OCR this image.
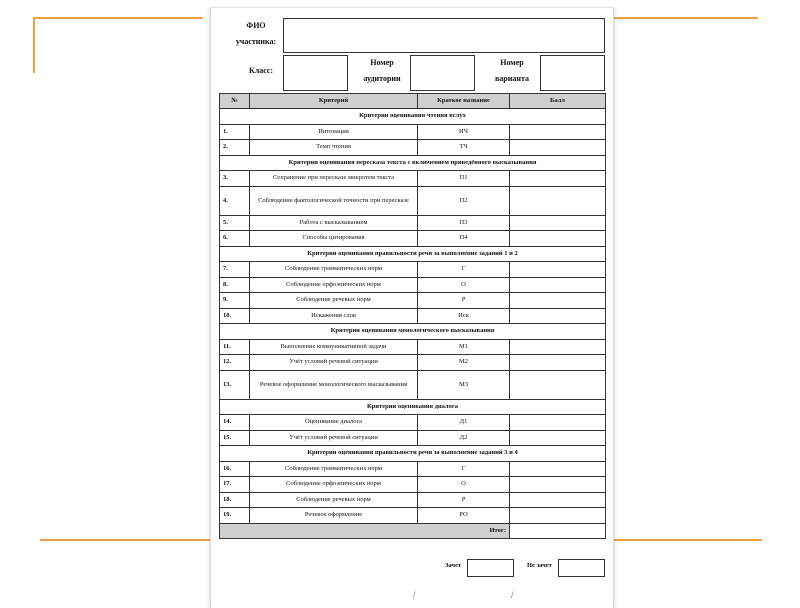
ФИО участника:
Класс:
Номер аудитории
Номер варианта
№	Критерий	Краткое название	Балл
Критерии оценивания чтения вслух			
1.	Интонация	ИЧ	
2.	Темп чтения	ТЧ	
Критерии оценивания пересказа текста с включением приведённого высказывания			
3.	Сохранение при пересказе микротем текста	П1	
4.	Соблюдение фактологической точности при пересказе	П2	
5.	Работа с высказыванием	П3	
6.	Способы цитирования	П4	
Критерии оценивания правильности речи за выполнение заданий 1 и 2			
7.	Соблюдение грамматических норм	Г	
8.	Соблюдение орфоэпических норм	О	
9.	Соблюдение речевых норм	Р	
10.	Искажения слов	Иск	
Критерии оценивания монологического высказывания			
11.	Выполнение коммуникативной задачи	М1	
12.	Учёт условий речевой ситуации	М2	
13.	Речевое оформление монологического высказывания	М3	
Критерии оценивания диалога			
14.	Оценивание диалога	Д1	
15.	Учёт условий речевой ситуации	Д2	
Критерии оценивания правильности речи за выполнение заданий 3 и 4			
16.	Соблюдение грамматических норм	Г	
17.	Соблюдение орфоэпических норм	О	
18.	Соблюдение речевых норм	Р	
19.	Речевое оформление	РО	
Итог:			
Зачет	Не зачет
/	/
